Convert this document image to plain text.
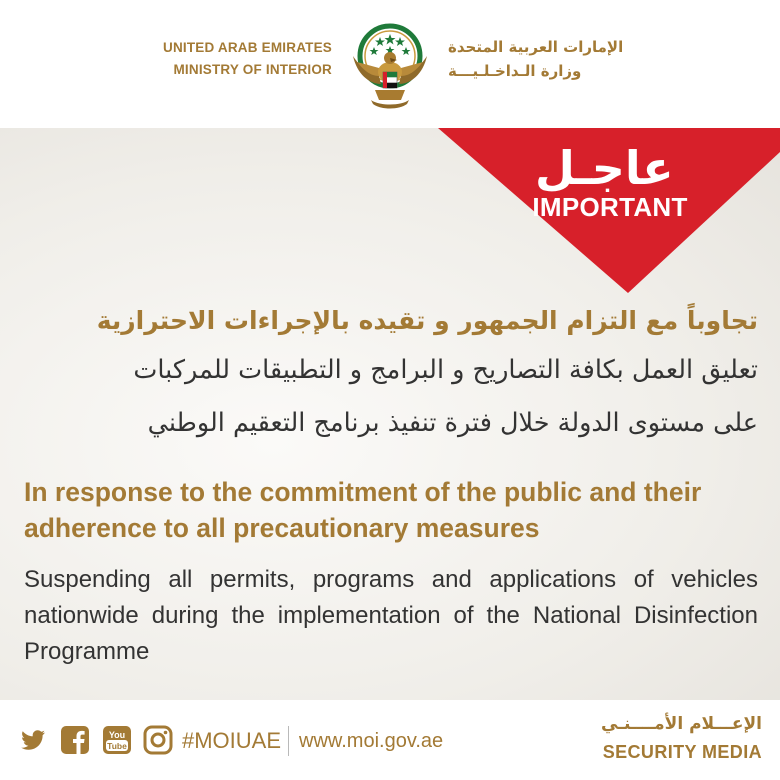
UNITED ARAB EMIRATES
MINISTRY OF INTERIOR
الإمارات العربية المتحدة
وزارة الـداخـلـيـــة
عاجـل
IMPORTANT
تجاوباً مع التزام الجمهور و تقيده بالإجراءات الاحترازية
تعليق العمل بكافة التصاريح و البرامج و التطبيقات للمركبات
على مستوى الدولة خلال فترة تنفيذ برنامج التعقيم الوطني
In response to the commitment of the public and their adherence to all precautionary measures
Suspending all permits, programs and applications of vehicles nationwide during the implementation of the National Disinfection Programme
You
Tube	#MOIUAE www.moi.gov.ae
الإعـــلام الأمــــنـي
SECURITY MEDIA
